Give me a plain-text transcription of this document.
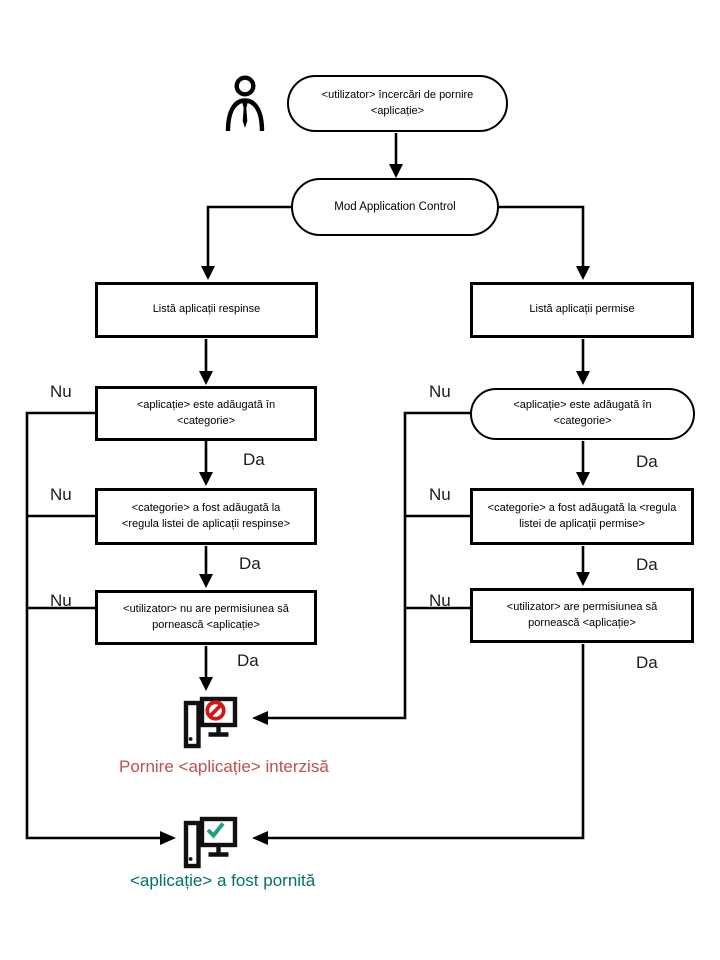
<utilizator> încercări de pornire <aplicație>
Mod Application Control
Listă aplicații respinse	Listă aplicații permise
<aplicație> este adăugată în <categorie>
<aplicație> este adăugată în <categorie>
<categorie> a fost adăugată la <regula listei de aplicații respinse>
<categorie> a fost adăugată la <regula listei de aplicații permise>
<utilizator> nu are permisiunea să pornească <aplicație>
<utilizator> are permisiunea să pornească <aplicație>
Nu
Nu
Nu
Da
Da
Da
Nu
Nu
Nu
Da
Da
Da
Pornire <aplicație> interzisă
<aplicație> a fost pornită
